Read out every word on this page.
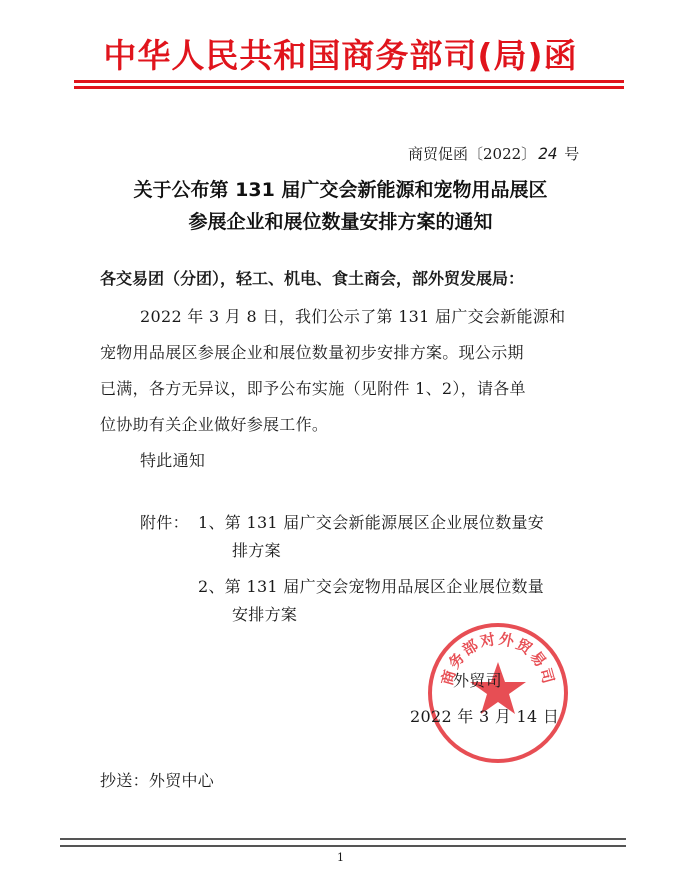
中华人民共和国商务部司(局)函
商贸促函〔2022〕 24 号
关于公布第 131 届广交会新能源和宠物用品展区
参展企业和展位数量安排方案的通知
各交易团（分团），轻工、机电、食土商会，部外贸发展局：
2022 年 3 月 8 日，我们公示了第 131 届广交会新能源和
宠物用品展区参展企业和展位数量初步安排方案。现公示期
已满，各方无异议，即予公布实施（见附件 1、2），请各单
位协助有关企业做好参展工作。
特此通知
附件： 1、第 131 届广交会新能源展区企业展位数量安
排方案
2、第 131 届广交会宠物用品展区企业展位数量
安排方案
商务部对外贸易司
外贸司
2022 年 3 月 14 日
抄送：外贸中心
1
